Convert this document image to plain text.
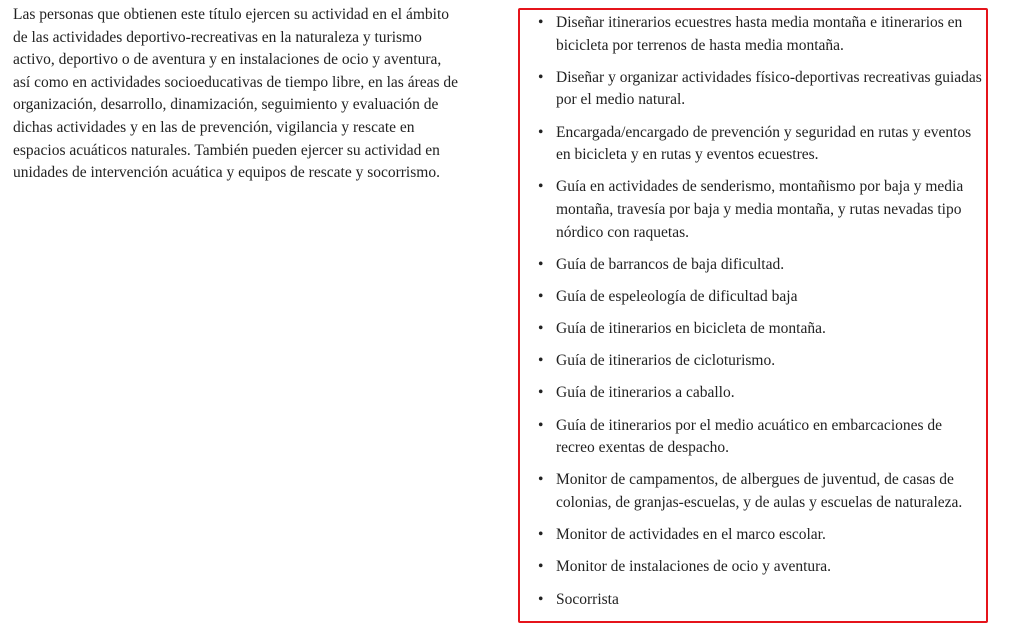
Las personas que obtienen este título ejercen su actividad en el ámbito de las actividades deportivo-recreativas en la naturaleza y turismo activo, deportivo o de aventura y en instalaciones de ocio y aventura, así como en actividades socioeducativas de tiempo libre, en las áreas de organización, desarrollo, dinamización, seguimiento y evaluación de dichas actividades y en las de prevención, vigilancia y rescate en espacios acuáticos naturales. También pueden ejercer su actividad en unidades de intervención acuática y equipos de rescate y socorrismo.

• Diseñar itinerarios ecuestres hasta media montaña e itinerarios en bicicleta por terrenos de hasta media montaña.
• Diseñar y organizar actividades físico-deportivas recreativas guiadas por el medio natural.
• Encargada/encargado de prevención y seguridad en rutas y eventos en bicicleta y en rutas y eventos ecuestres.
• Guía en actividades de senderismo, montañismo por baja y media montaña, travesía por baja y media montaña, y rutas nevadas tipo nórdico con raquetas.
• Guía de barrancos de baja dificultad.
• Guía de espeleología de dificultad baja
• Guía de itinerarios en bicicleta de montaña.
• Guía de itinerarios de cicloturismo.
• Guía de itinerarios a caballo.
• Guía de itinerarios por el medio acuático en embarcaciones de recreo exentas de despacho.
• Monitor de campamentos, de albergues de juventud, de casas de colonias, de granjas-escuelas, y de aulas y escuelas de naturaleza.
• Monitor de actividades en el marco escolar.
• Monitor de instalaciones de ocio y aventura.
• Socorrista
